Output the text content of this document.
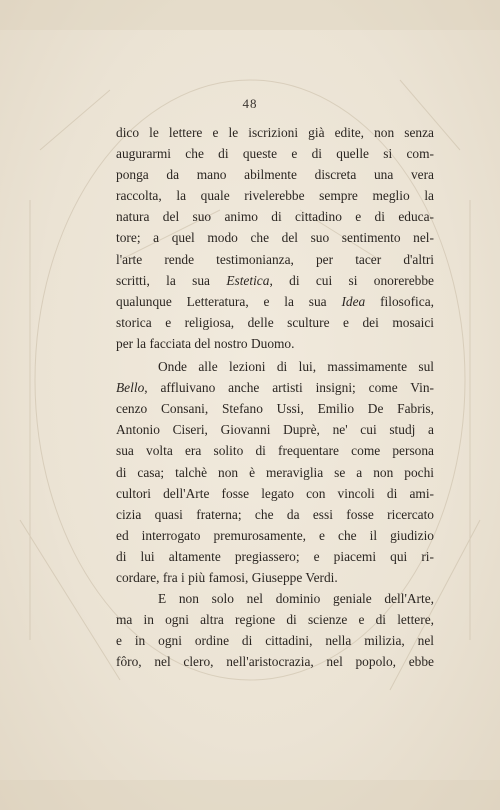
48
dico le lettere e le iscrizioni già edite, non senza
augurarmi che di queste e di quelle si com-
ponga da mano abilmente discreta una vera
raccolta, la quale rivelerebbe sempre meglio la
natura del suo animo di cittadino e di educa-
tore; a quel modo che del suo sentimento nel-
l'arte rende testimonianza, per tacer d'altri
scritti, la sua Estetica, di cui si onorerebbe
qualunque Letteratura, e la sua Idea filosofica,
storica e religiosa, delle sculture e dei mosaici
per la facciata del nostro Duomo.
Onde alle lezioni di lui, massimamente sul
Bello, affluivano anche artisti insigni; come Vin-
cenzo Consani, Stefano Ussi, Emilio De Fabris,
Antonio Ciseri, Giovanni Duprè, ne' cui studj a
sua volta era solito di frequentare come persona
di casa; talchè non è meraviglia se a non pochi
cultori dell'Arte fosse legato con vincoli di ami-
cizia quasi fraterna; che da essi fosse ricercato
ed interrogato premurosamente, e che il giudizio
di lui altamente pregiassero; e piacemi qui ri-
cordare, fra i più famosi, Giuseppe Verdi.
E non solo nel dominio geniale dell'Arte,
ma in ogni altra regione di scienze e di lettere,
e in ogni ordine di cittadini, nella milizia, nel
fôro, nel clero, nell'aristocrazia, nel popolo, ebbe
